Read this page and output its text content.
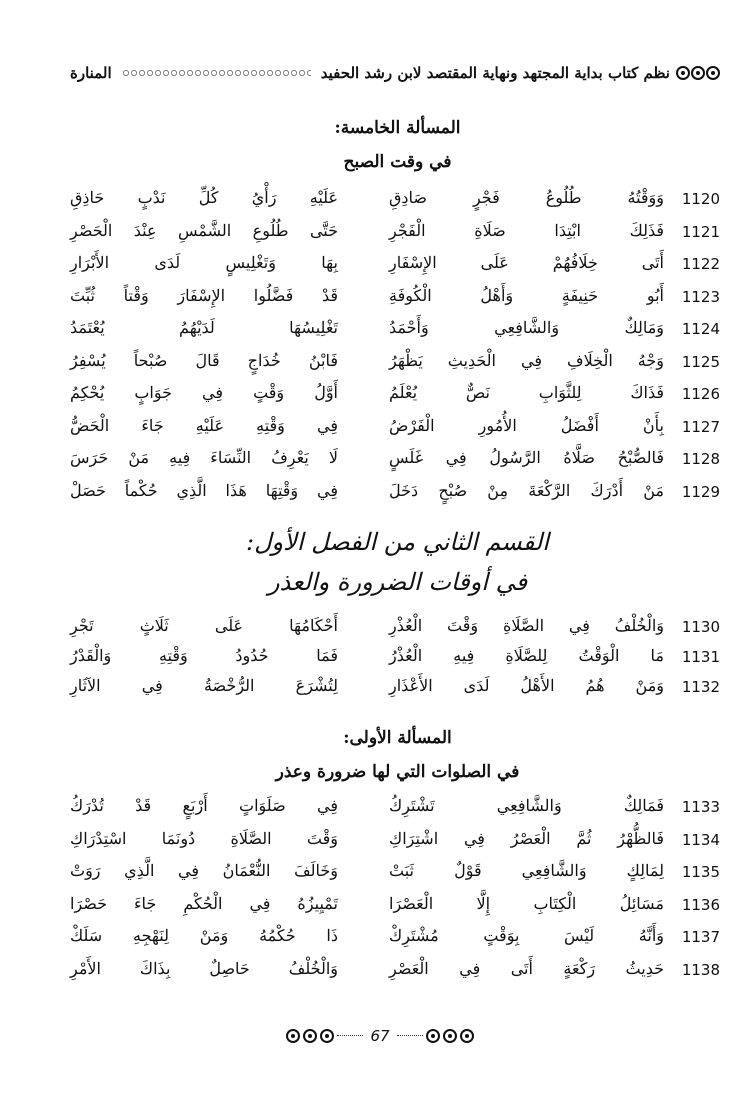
نظم كتاب بداية المجتهد ونهاية المقتصد لابن رشد الحفيد
المنارة
المسألة الخامسة:
في وقت الصبح
1120
وَوَقْتُهُ طُلُوعُ فَجْرٍ صَادِقِ
عَلَيْهِ رَأْيُ كُلِّ نَدْبٍ حَاذِقِ
1121
فَذَلِكَ ابْتِدَا صَلَاةِ الْفَجْرِ
حَتَّى طُلُوعِ الشَّمْسِ عِنْدَ الْحَصْرِ
1122
أَتَى خِلَافُهُمْ عَلَى الإِسْفَارِ
بِهَا وَتَغْلِيسٍ لَدَى الأَبْرَارِ
1123
أَبُو حَنِيفَةٍ وَأَهْلُ الْكُوفَةِ
قَدْ فَضَّلُوا الإِسْفَارَ وَقْتاً ثُبِّتَ
1124
وَمَالِكٌ وَالشَّافِعِي وَأَحْمَدُ
تَغْلِيسُهَا لَدَيْهُمُ يُعْتَمَدُ
1125
وَجْهُ الْخِلَافِ فِي الْحَدِيثِ يَظْهَرُ
فَابْنُ خُدَاجٍ قَالَ صُبْحاً يُسْفِرُ
1126
فَذَاكَ لِلثَّوَابِ نَصٌّ يُعْلَمُ
أَوَّلُ وَقْتٍ فِي جَوَابٍ يُحْكِمُ
1127
بِأَنْ أَفْضَلُ الأُمُورِ الْفَرْضُ
فِي وَقْتِهِ عَلَيْهِ جَاءَ الْحَضُّ
1128
فَالصُّبْحُ صَلَّاهُ الرَّسُولُ فِي غَلَسٍ
لَا يَعْرِفُ النِّسَاءَ فِيهِ مَنْ حَرَسَ
1129
مَنْ أَدْرَكَ الرَّكْعَةَ مِنْ صُبْحٍ دَخَلَ
فِي وَقْتِهَا هَذَا الَّذِي حُكْماً حَصَلْ
القسم الثاني من الفصل الأول:
في أوقات الضرورة والعذر
1130
وَالْخُلْفُ فِي الصَّلَاةِ وَقْتَ الْعُذْرِ
أَحْكَامُهَا عَلَى ثَلَاثٍ تَجْرِ
1131
مَا الْوَقْتُ لِلصَّلَاةِ فِيهِ الْعُذْرُ
فَمَا حُدُودُ وَقْتِهِ وَالْقَدْرُ
1132
وَمَنْ هُمُ الأَهْلُ لَدَى الأَعْذَارِ
لِتُشْرَعَ الرُّخْصَةُ فِي الآثَارِ
المسألة الأولى:
في الصلوات التي لها ضرورة وعذر
1133
فَمَالِكٌ وَالشَّافِعِي تَشْتَرِكُ
فِي صَلَوَاتٍ أَرْبَعٍ قَدْ تُدْرَكُ
1134
فَالظُّهْرُ ثُمَّ الْعَصْرُ فِي اشْتِرَاكِ
وَقْتَ الصَّلَاةِ دُونَمَا اسْتِدْرَاكِ
1135
لِمَالِكٍ وَالشَّافِعِي قَوْلٌ ثَبَتْ
وَخَالَفَ النُّعْمَانُ فِي الَّذِي رَوَتْ
1136
مَسَائِلُ الْكِتَابِ إِلَّا الْعَصْرَا
تَمْيِيزُهُ فِي الْحُكْمِ جَاءَ حَصْرَا
1137
وَأَنَّهُ لَيْسَ بِوَقْتٍ مُشْتَرِكْ
ذَا حُكْمُهُ وَمَنْ لِنَهْجِهِ سَلَكْ
1138
حَدِيثُ رَكْعَةٍ أَتَى فِي الْعَصْرِ
وَالْخُلْفُ حَاصِلٌ بِذَاكَ الأَمْرِ
67
